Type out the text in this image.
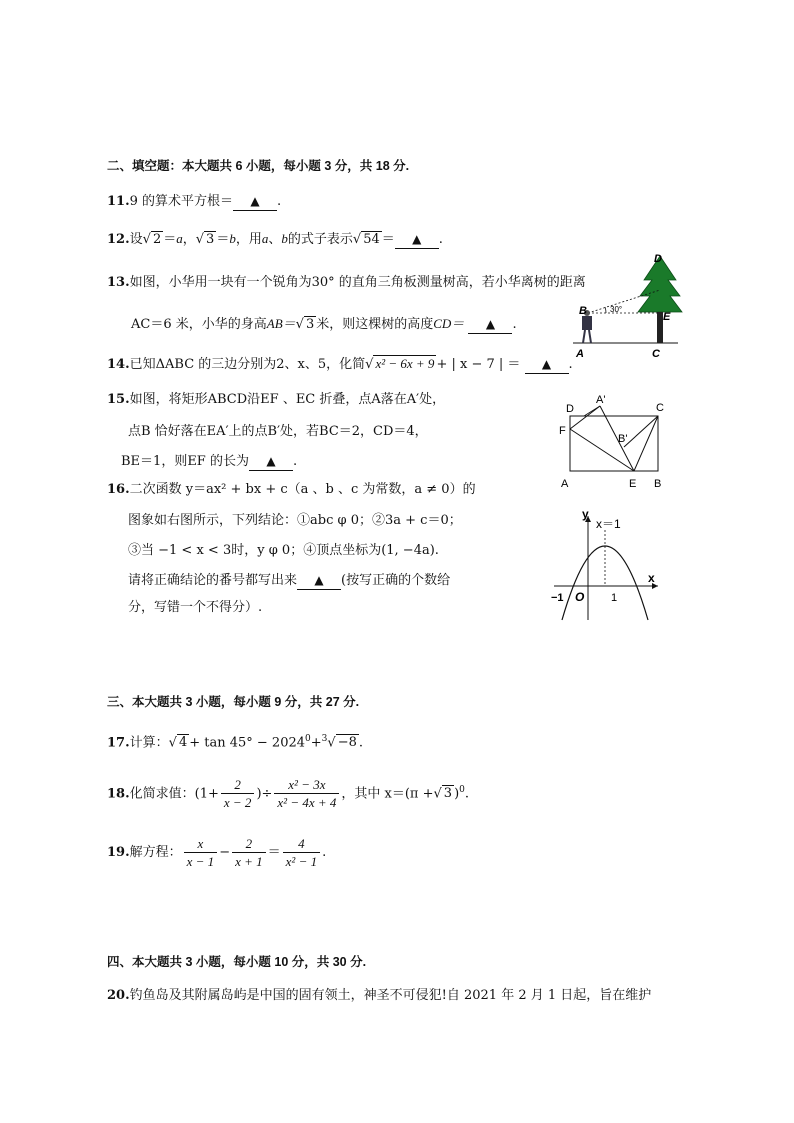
二、填空题：本大题共 6 小题，每小题 3 分，共 18 分.
11.9 的算术平方根＝ ▲ .
12.设√ 2 ＝a，√ 3 ＝b，用a、b的式子表示√ 54 ＝ ▲ .
13.如图，小华用一块有一个锐角为30° 的直角三角板测量树高，若小华离树的距离
AC＝6 米，小华的身高AB＝√ 3 米，则这棵树的高度CD＝ ▲ .
B	30°
D
E
A	C
14.已知ΔABC 的三边分别为2、x、5，化简√ x² − 6x + 9 + | x − 7 | ＝ ▲ .
15.如图，将矩形ABCD沿EF 、EC 折叠，点A落在A′处，
点B 恰好落在EA′上的点B′处，若BC＝2，CD＝4，
BE＝1，则EF 的长为 ▲ .
D
A'
C
F
B'
A	E B
16.二次函数 y＝ax² + bx + c（a 、b 、c 为常数，a ≠ 0）的
图象如右图所示，下列结论：①abc φ 0；②3a + c＝0；
③当 −1 < x < 3时，y φ 0；④顶点坐标为(1, −4a).
请将正确结论的番号都写出来 ▲ (按写正确的个数给
分，写错一个不得分）.
y
x＝1
x
−1 O 1
三、本大题共 3 小题，每小题 9 分，共 27 分.
17.计算：√ $4 + \tan 45^\circ - 2024^0+^3√ -8$ .
18.化简求值：($1+ \frac{2}{x - 2}$ )÷ $\frac{\text{x² − 3x}}{\text{x² − 4x + 4}}$ ，其中 x＝(π +√ 3 )$^0$.
19.解方程： $\frac{x}{x - 1} - \frac{2}{x + 1} = \frac{4}{\text{x² − 1}}$ .
四、本大题共 3 小题，每小题 10 分，共 30 分.
20.钓鱼岛及其附属岛屿是中国的固有领土，神圣不可侵犯!自 2021 年 2 月 1 日起，旨在维护
